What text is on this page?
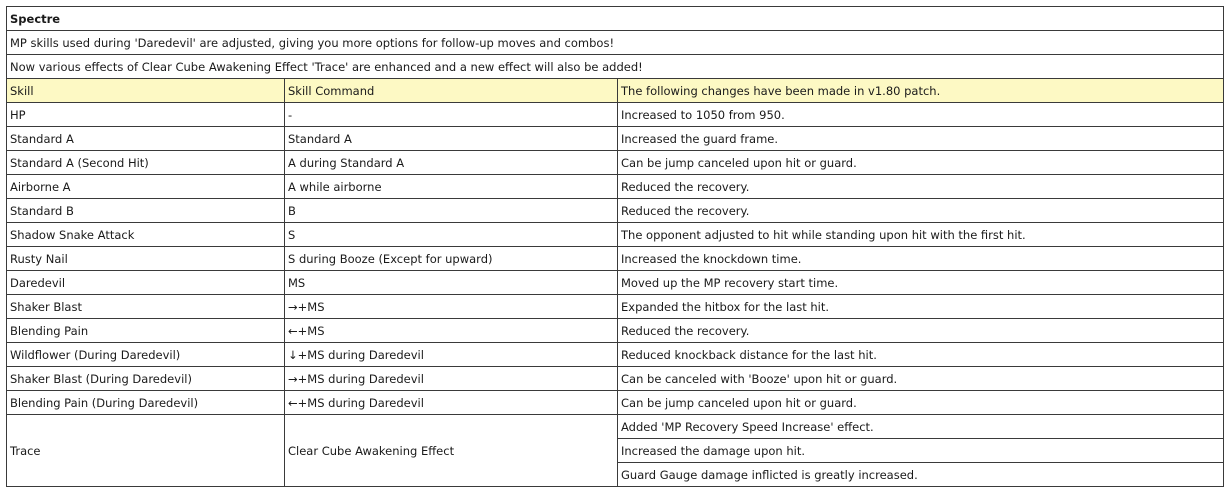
Spectre		
MP skills used during 'Daredevil' are adjusted, giving you more options for follow-up moves and combos!		
Now various effects of Clear Cube Awakening Effect 'Trace' are enhanced and a new effect will also be added!		
Skill	Skill Command	The following changes have been made in v1.80 patch.
HP	-	Increased to 1050 from 950.
Standard A	Standard A	Increased the guard frame.
Standard A (Second Hit)	A during Standard A	Can be jump canceled upon hit or guard.
Airborne A	A while airborne	Reduced the recovery.
Standard B	B	Reduced the recovery.
Shadow Snake Attack	S	The opponent adjusted to hit while standing upon hit with the first hit.
Rusty Nail	S during Booze (Except for upward)	Increased the knockdown time.
Daredevil	MS	Moved up the MP recovery start time.
Shaker Blast	→+MS	Expanded the hitbox for the last hit.
Blending Pain	←+MS	Reduced the recovery.
Wildflower (During Daredevil)	↓+MS during Daredevil	Reduced knockback distance for the last hit.
Shaker Blast (During Daredevil)	→+MS during Daredevil	Can be canceled with 'Booze' upon hit or guard.
Blending Pain (During Daredevil)	←+MS during Daredevil	Can be jump canceled upon hit or guard.
Trace	Clear Cube Awakening Effect	Added 'MP Recovery Speed Increase' effect.
		Increased the damage upon hit.
		Guard Gauge damage inflicted is greatly increased.
